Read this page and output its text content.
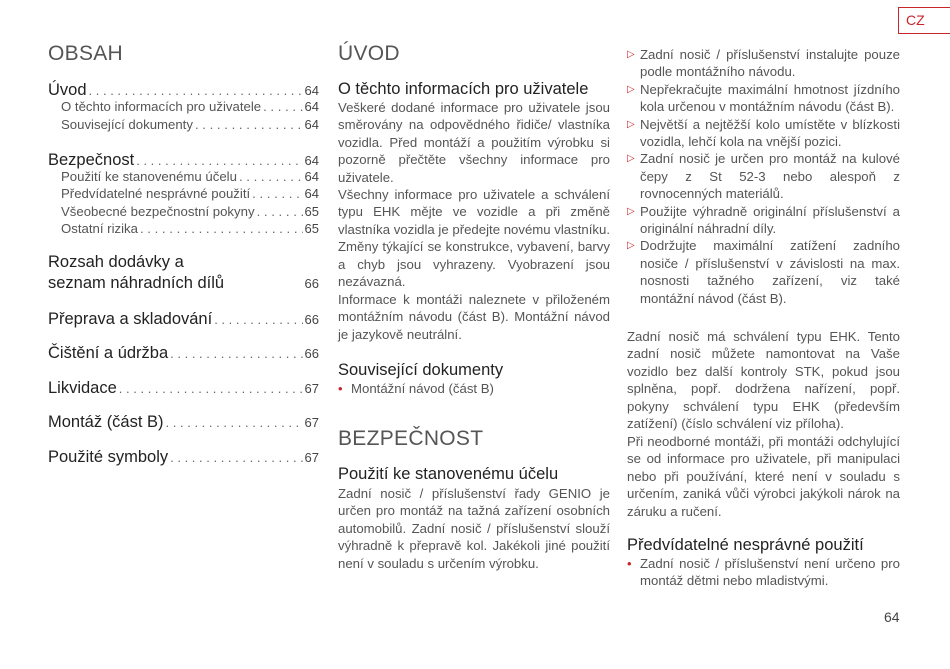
CZ
OBSAH
Úvod . . .	64
O těchto informacích pro uživatele . . .	64
Související dokumenty . . .	64
Bezpečnost . . .	64
Použití ke stanovenému účelu . . .	64
Předvídatelné nesprávné použití . . .	64
Všeobecné bezpečnostní pokyny . . .	65
Ostatní rizika . . .	65
Rozsah dodávky a
seznam náhradních dílů	66
Přeprava a skladování . . .	66
Čištění a údržba . . .	66
Likvidace . . .	67
Montáž (část B) . . .	67
Použité symboly . . .	67
ÚVOD
O těchto informacích pro uživatele

Veškeré dodané informace pro uživatele jsou směrovány na odpovědného řidiče/ vlastníka vozidla. Před montáží a použitím výrobku si pozorně přečtěte všechny informace pro uživatele.

Všechny informace pro uživatele a schválení typu EHK mějte ve vozidle a při změně vlastníka vozidla je předejte novému vlastníku. Změny týkající se konstrukce, vybavení, barvy a chyb jsou vyhrazeny. Vyobrazení jsou nezávazná.

Informace k montáži naleznete v přiloženém montážním návodu (část B). Montážní návod je jazykově neutrální.

Související dokumenty
• Montážní návod (část B)
BEZPEČNOST
Použití ke stanovenému účelu

Zadní nosič / příslušenství řady GENIO je určen pro montáž na tažná zařízení osobních automobilů. Zadní nosič / příslušenství slouží výhradně k přepravě kol. Jakékoli jiné použití není v souladu s určením výrobku.

▷ Zadní nosič / příslušenství instalujte pouze podle montážního návodu.
▷ Nepřekračujte maximální hmotnost jízdního kola určenou v montážním návodu (část B).
▷ Největší a nejtěžší kolo umístěte v blízkosti vozidla, lehčí kola na vnější pozici.
▷ Zadní nosič je určen pro montáž na kulové čepy z St 52-3 nebo alespoň z rovnocenných materiálů.
▷ Použijte výhradně originální příslušenství a originální náhradní díly.
▷ Dodržujte maximální zatížení zadního nosiče / příslušenství v závislosti na max. nosnosti tažného zařízení, viz také montážní návod (část B).

Zadní nosič má schválení typu EHK. Tento zadní nosič můžete namontovat na Vaše vozidlo bez další kontroly STK, pokud jsou splněna, popř. dodržena nařízení, popř. pokyny schválení typu EHK (především zatížení) (číslo schválení viz příloha).

Při neodborné montáži, při montáži odchylující se od informace pro uživatele, při manipulaci nebo při používání, které není v souladu s určením, zaniká vůči výrobci jakýkoli nárok na záruku a ručení.

Předvídatelné nesprávné použití
• Zadní nosič / příslušenství není určeno pro montáž dětmi nebo mladistvými.
64
